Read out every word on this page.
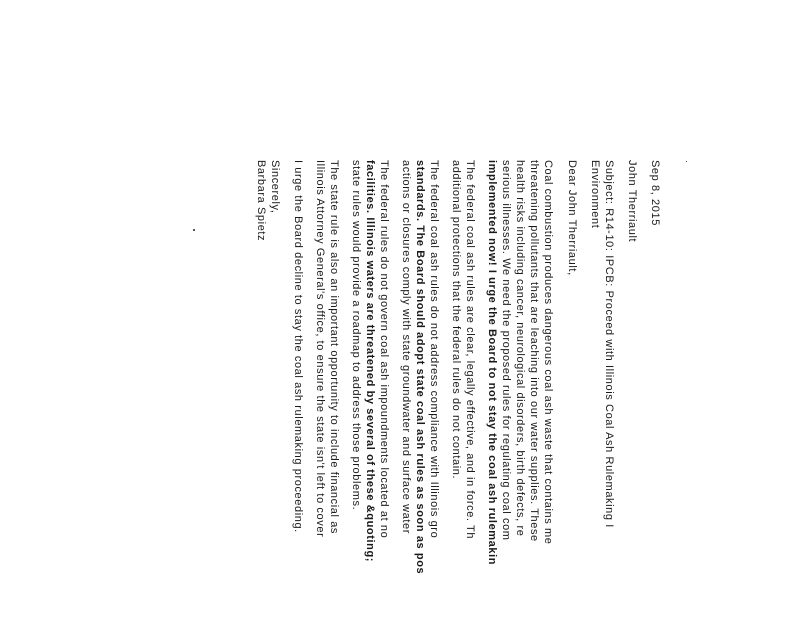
Sep 8, 2015
John Therriault
Subject: R14-10: IPCB: Proceed with Illinois Coal Ash Rulemaking I
Environment
Dear John Therriault,
Coal combustion produces dangerous coal ash waste that contains me
threatening pollutants that are leaching into our water supplies. These
health risks including cancer, neurological disorders, birth defects, re
serious illnesses. We need the proposed rules for regulating coal com
implemented now! I urge the Board to not stay the coal ash rulemakin
The federal coal ash rules are clear, legally effective, and in force. Th
additional protections that the federal rules do not contain.
The federal coal ash rules do not address compliance with Illinois gro
standards. The Board should adopt state coal ash rules as soon as pos
actions or closures comply with state groundwater and surface water
The federal rules do not govern coal ash impoundments located at no
facilities. Illinois waters are threatened by several of these &quoting;
state rules would provide a roadmap to address those problems.
The state rule is also an important opportunity to include financial as
Illinois Attorney General's office, to ensure the state isn't left to cover
I urge the Board decline to stay the coal ash rulemaking proceeding.
Sincerely,
Barbara Spietz
